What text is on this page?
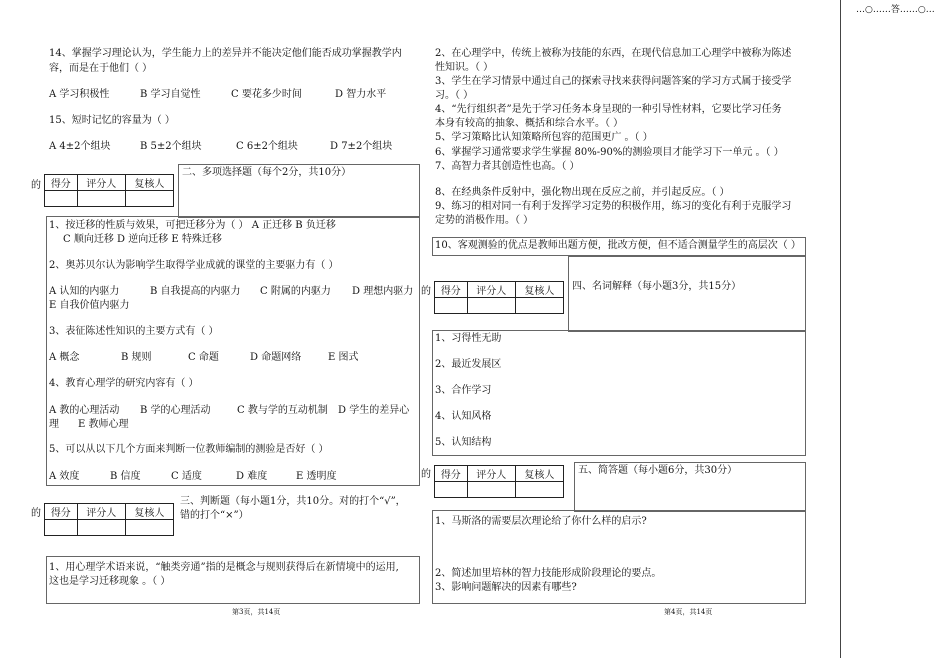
…○……答……○…
14、掌握学习理论认为，学生能力上的差异并不能决定他们能否成功掌握教学内
容，而是在于他们（ ）
A 学习积极性	B 学习自觉性	C 要花多少时间	D 智力水平
15、短时记忆的容量为（ ）
A 4±2个组块	B 5±2个组块	C 6±2个组块	D 7±2个组块
的 得分	评分人	复核人

二、多项选择题（每个2分，共10分）
1、按迁移的性质与效果，可把迁移分为（ ） A 正迁移 B 负迁移
C 顺向迁移 D 逆向迁移 E 特殊迁移
2、奥苏贝尔认为影响学生取得学业成就的课堂的主要驱力有（ ）
A 认知的内驱力	B 自我提高的内驱力 C 附属的内驱力 D 理想内驱力
E 自我价值内驱力
3、表征陈述性知识的主要方式有（ ）
A 概念	B 规则	C 命题	D 命题网络	E 图式
4、教育心理学的研究内容有（ ）
A 教的心理活动 B 学的心理活动	C 教与学的互动机制 D 学生的差异心
理 E 教师心理
5、可以从以下几个方面来判断一位教师编制的测验是否好（ ）
A 效度	B 信度	C 适度	D 难度	E 透明度
的 得分	评分人	复核人

三、判断题（每小题1分，共10分。对的打个“√”，
错的打个“×”）
1、用心理学术语来说，“触类旁通”指的是概念与规则获得后在新情境中的运用,
这也是学习迁移现象 。（ ）
第3页，共14页
2、在心理学中，传统上被称为技能的东西，在现代信息加工心理学中被称为陈述
性知识。（ ）
3、学生在学习情景中通过自己的探索寻找来获得问题答案的学习方式属于接受学
习。（ ）
4、“先行组织者”是先于学习任务本身呈现的一种引导性材料，它要比学习任务
本身有较高的抽象、概括和综合水平。（ ）
5、学习策略比认知策略所包容的范围更广 。（ ）
6、掌握学习通常要求学生掌握 80%-90%的测验项目才能学习下一单元 。（ ）
7、高智力者其创造性也高。（ ）
8、在经典条件反射中，强化物出现在反应之前，并引起反应。（ ）
9、练习的相对同一有利于发挥学习定势的积极作用，练习的变化有利于克服学习
定势的消极作用。（ ）
10、客观测验的优点是教师出题方便，批改方便，但不适合测量学生的高层次（ ）
的 得分	评分人	复核人
		四、名词解释（每小题3分，共15分）
1、习得性无助
2、最近发展区
3、合作学习
4、认知风格
5、认知结构
的 得分	评分人	复核人
		五、简答题（每小题6分，共30分）
1、马斯洛的需要层次理论给了你什么样的启示?
2、简述加里培林的智力技能形成阶段理论的要点。
3、影响问题解决的因素有哪些?
第4页，共14页
